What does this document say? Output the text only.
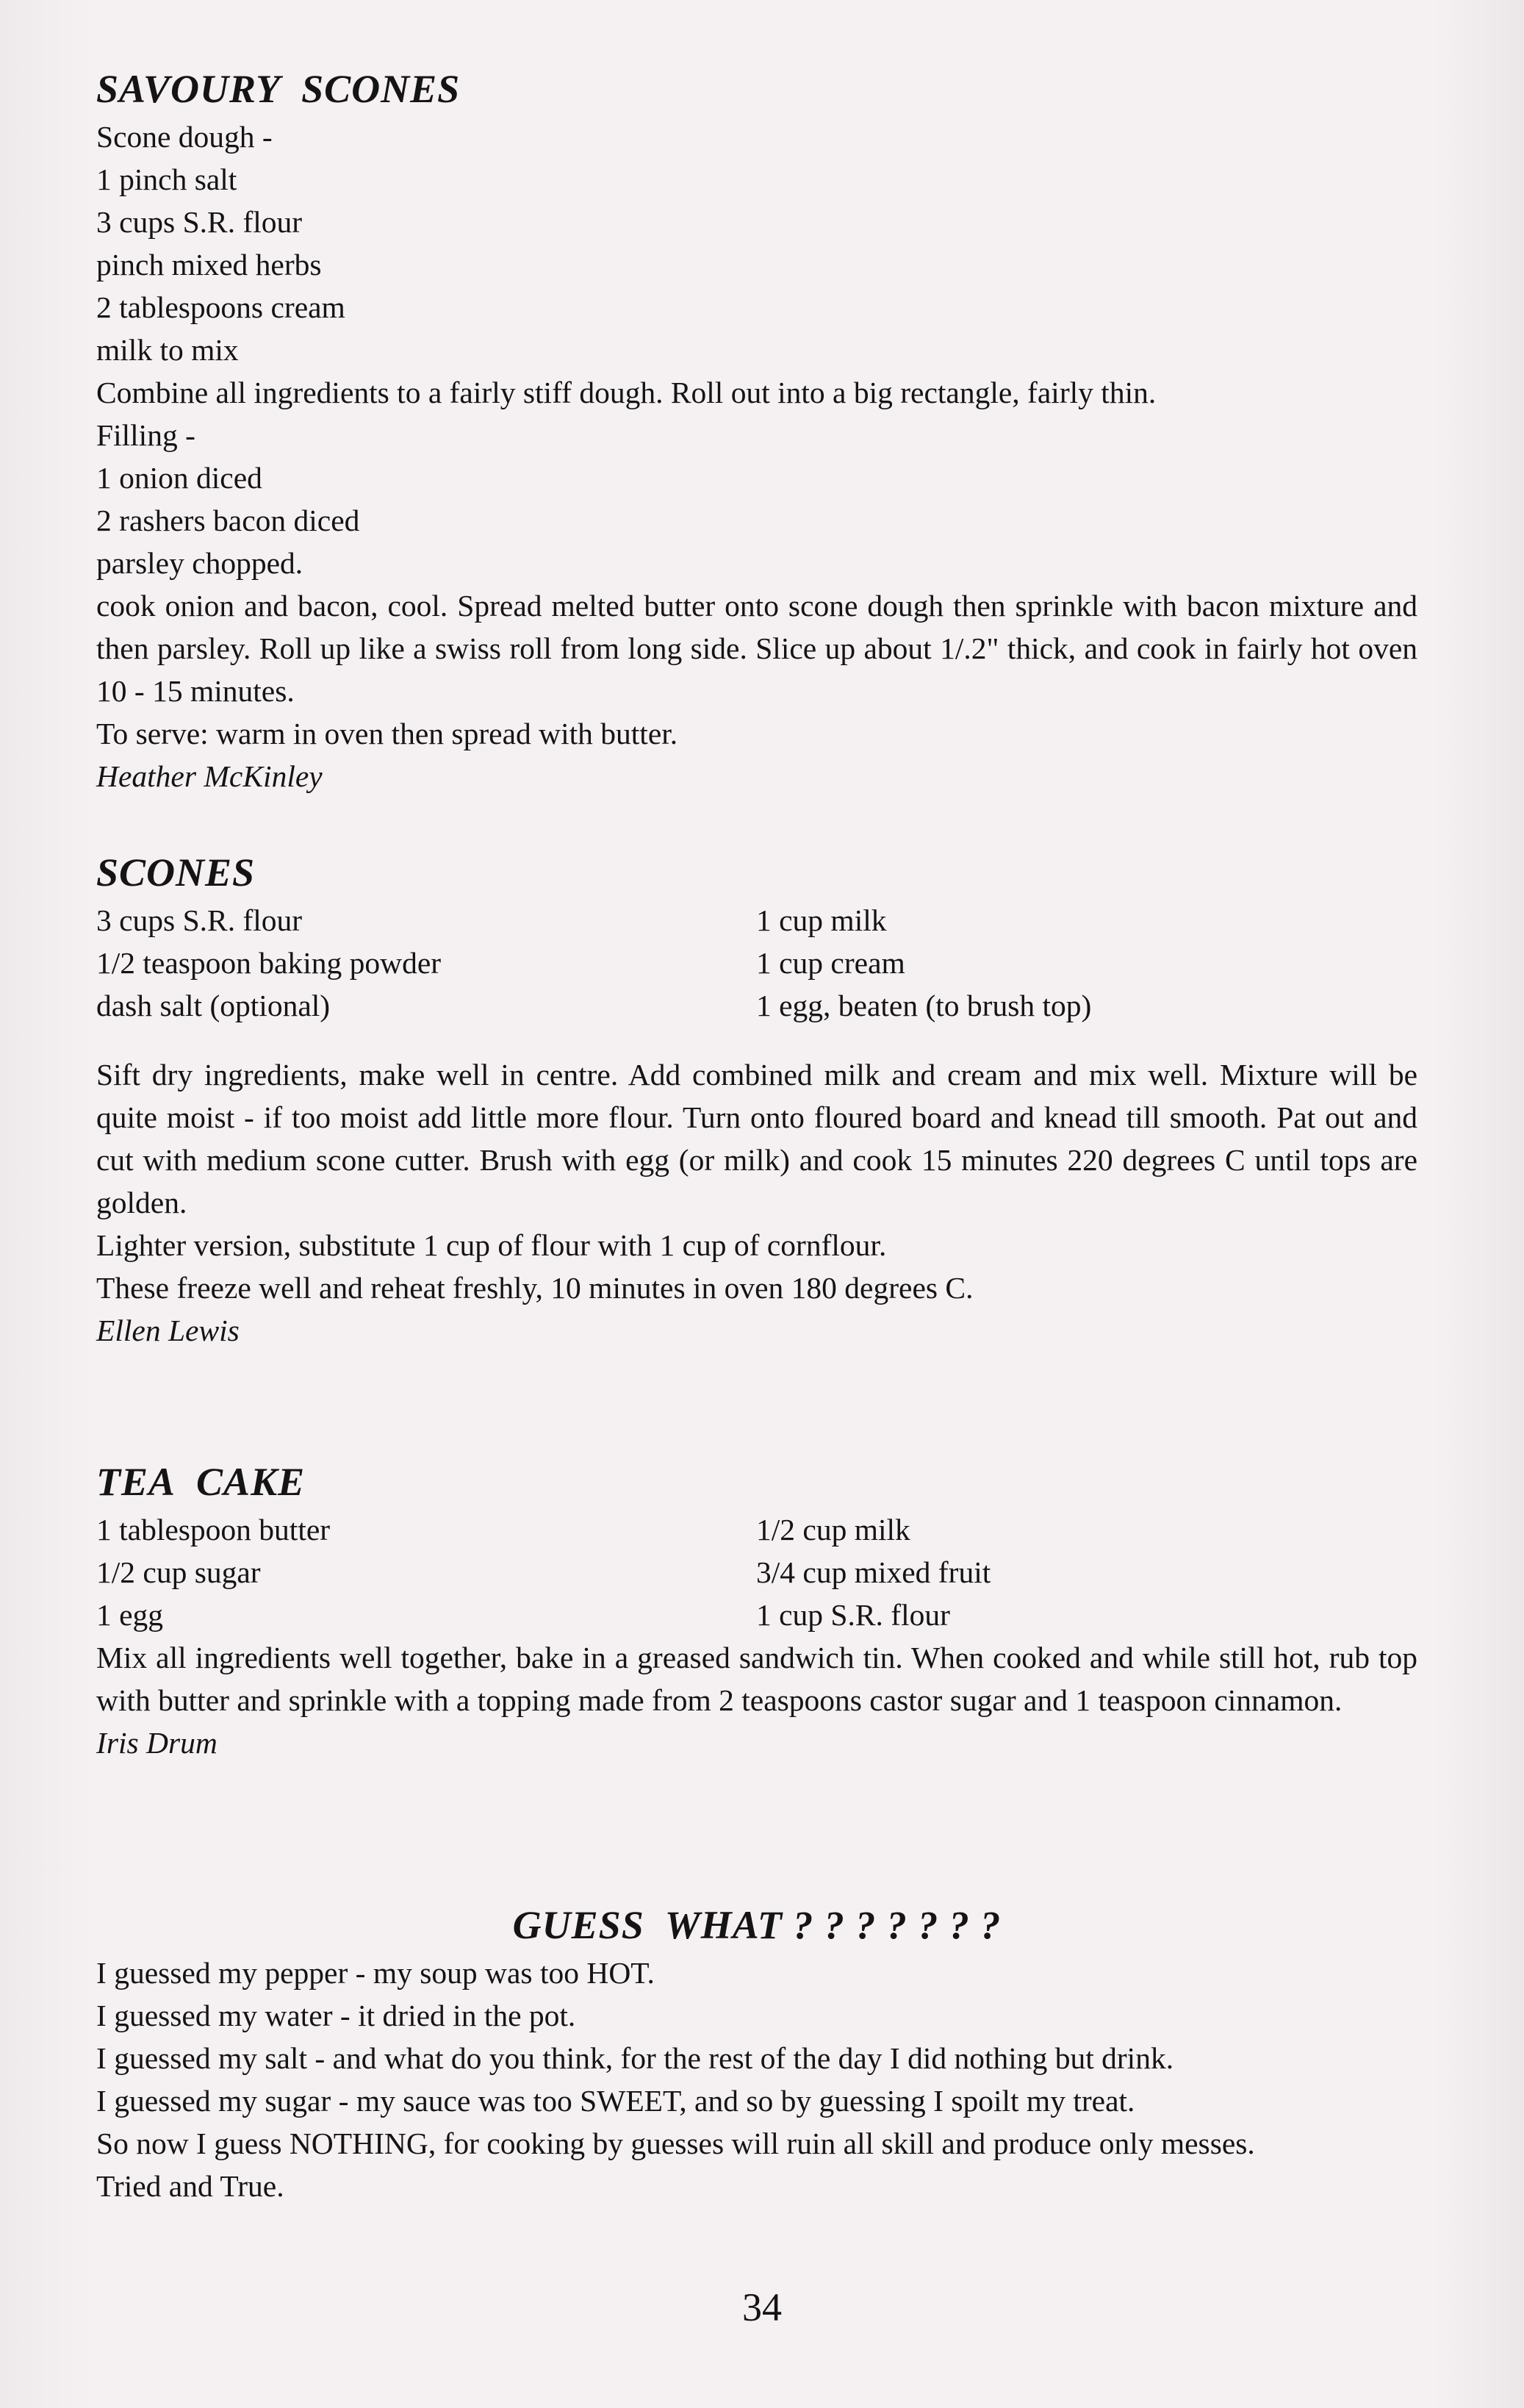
SAVOURY SCONES

Scone dough -

1 pinch salt

3 cups S.R. flour

pinch mixed herbs

2 tablespoons cream

milk to mix

Combine all ingredients to a fairly stiff dough. Roll out into a big rectangle, fairly thin.

Filling -

1 onion diced

2 rashers bacon diced

parsley chopped.

cook onion and bacon, cool. Spread melted butter onto scone dough then sprinkle with bacon mixture and then parsley. Roll up like a swiss roll from long side. Slice up about 1/.2" thick, and cook in fairly hot oven 10 - 15 minutes.

To serve: warm in oven then spread with butter.

Heather McKinley

SCONES
3 cups S.R. flour
1/2 teaspoon baking powder
dash salt (optional)
1 cup milk
1 cup cream
1 egg, beaten (to brush top)

Sift dry ingredients, make well in centre. Add combined milk and cream and mix well. Mixture will be quite moist - if too moist add little more flour. Turn onto floured board and knead till smooth. Pat out and cut with medium scone cutter. Brush with egg (or milk) and cook 15 minutes 220 degrees C until tops are golden.

Lighter version, substitute 1 cup of flour with 1 cup of cornflour.

These freeze well and reheat freshly, 10 minutes in oven 180 degrees C.

Ellen Lewis

TEA CAKE
1 tablespoon butter
1/2 cup sugar
1 egg
1/2 cup milk
3/4 cup mixed fruit
1 cup S.R. flour

Mix all ingredients well together, bake in a greased sandwich tin. When cooked and while still hot, rub top with butter and sprinkle with a topping made from 2 teaspoons castor sugar and 1 teaspoon cinnamon.

Iris Drum

GUESS  WHAT ? ? ? ? ? ? ?

I guessed my pepper - my soup was too HOT.

I guessed my water - it dried in the pot.

I guessed my salt - and what do you think, for the rest of the day I did nothing but drink.

I guessed my sugar - my sauce was too SWEET, and so by guessing I spoilt my treat.

So now I guess NOTHING, for cooking by guesses will ruin all skill and produce only messes.

Tried and True.

34
